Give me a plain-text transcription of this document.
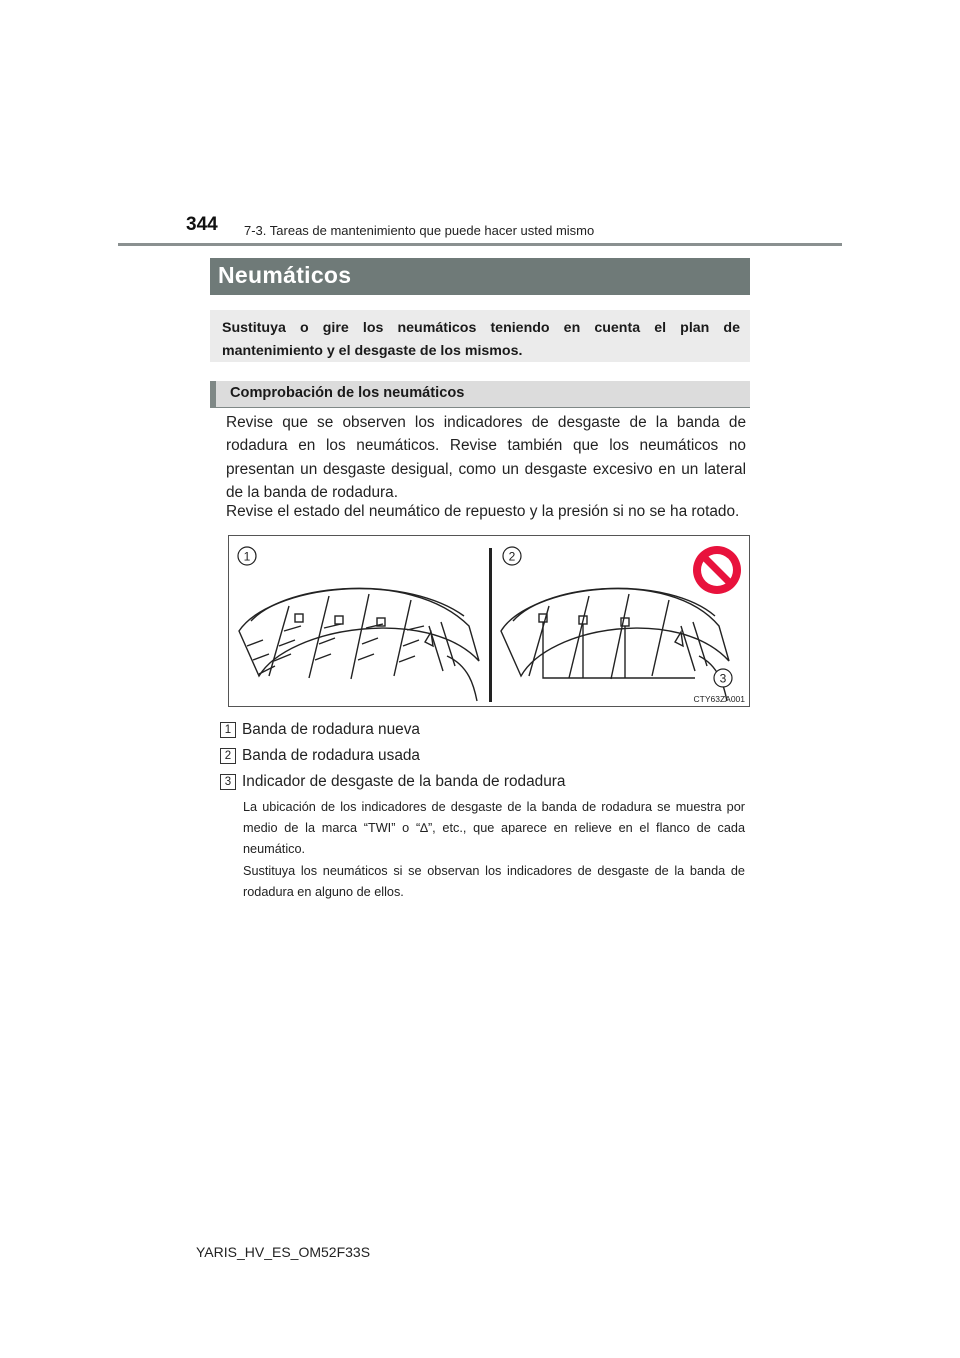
344 7-3. Tareas de mantenimiento que puede hacer usted mismo
Neumáticos
Sustituya o gire los neumáticos teniendo en cuenta el plan de mantenimiento y el desgaste de los mismos.
Comprobación de los neumáticos

Revise que se observen los indicadores de desgaste de la banda de rodadura en los neumáticos. Revise también que los neumáticos no presentan un desgaste desigual, como un desgaste excesivo en un lateral de la banda de rodadura.

Revise el estado del neumático de repuesto y la presión si no se ha rotado.

1	2
3
CTY63ZA001
1 Banda de rodadura nueva
2 Banda de rodadura usada
3 Indicador de desgaste de la banda de rodadura

La ubicación de los indicadores de desgaste de la banda de rodadura se muestra por medio de la marca “TWI” o “∆”, etc., que aparece en relieve en el flanco de cada neumático.

Sustituya los neumáticos si se observan los indicadores de desgaste de la banda de rodadura en alguno de ellos.

YARIS_HV_ES_OM52F33S
